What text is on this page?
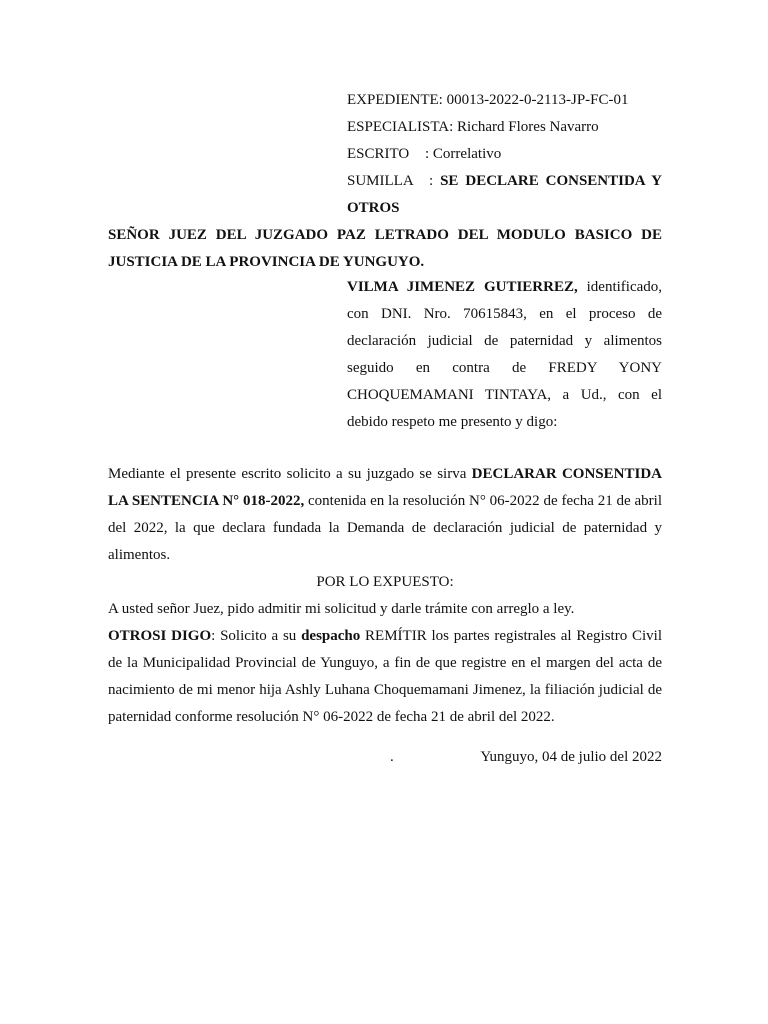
EXPEDIENTE: 00013-2022-0-2113-JP-FC-01
ESPECIALISTA: Richard Flores Navarro
ESCRITO : Correlativo
SUMILLA : SE DECLARE CONSENTIDA Y OTROS
SEÑOR JUEZ DEL JUZGADO PAZ LETRADO DEL MODULO BASICO DE JUSTICIA DE LA PROVINCIA DE YUNGUYO.
VILMA JIMENEZ GUTIERREZ, identificado, con DNI. Nro. 70615843, en el proceso de declaración judicial de paternidad y alimentos seguido en contra de FREDY YONY CHOQUEMAMANI TINTAYA, a Ud., con el debido respeto me presento y digo:
Mediante el presente escrito solicito a su juzgado se sirva DECLARAR CONSENTIDA LA SENTENCIA N° 018-2022, contenida en la resolución N° 06-2022 de fecha 21 de abril del 2022, la que declara fundada la Demanda de declaración judicial de paternidad y alimentos.
POR LO EXPUESTO:
A usted señor Juez, pido admitir mi solicitud y darle trámite con arreglo a ley.
OTROSI DIGO: Solicito a su despacho REMÍTIR los partes registrales al Registro Civil de la Municipalidad Provincial de Yunguyo, a fin de que registre en el margen del acta de nacimiento de mi menor hija Ashly Luhana Choquemamani Jimenez, la filiación judicial de paternidad conforme resolución N° 06-2022 de fecha 21 de abril del 2022.
.	Yunguyo, 04 de julio del 2022
